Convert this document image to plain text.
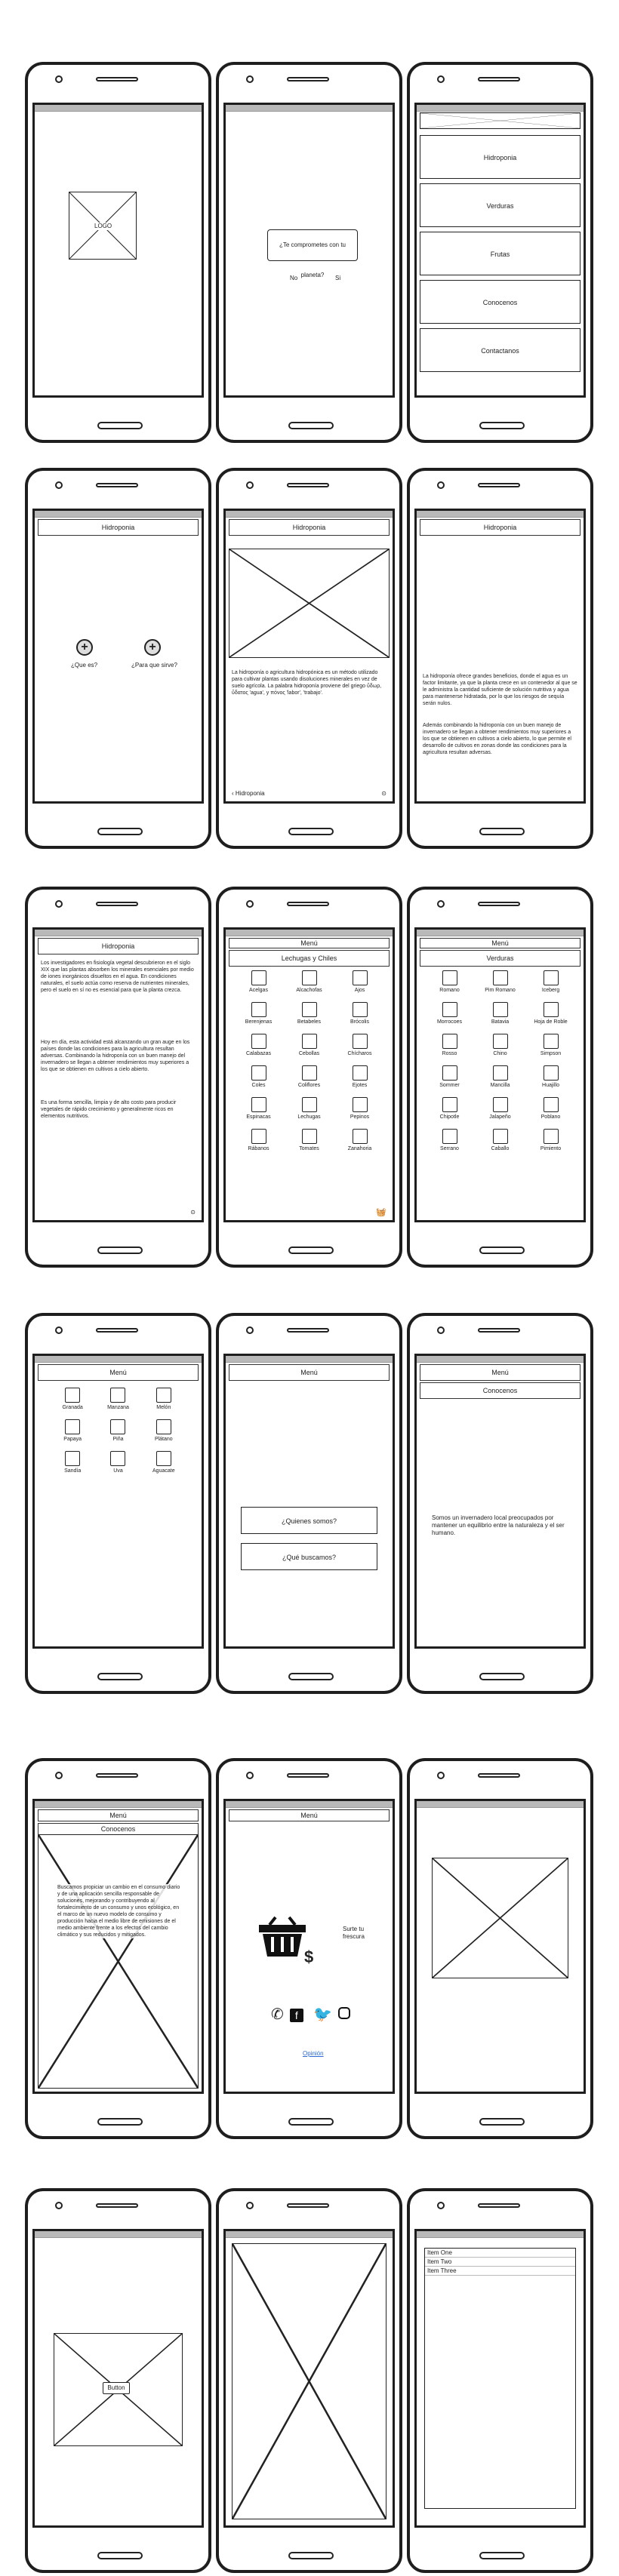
LOGO
¿Te comprometes con tu planeta?
No	Si
Hidroponia
Verduras
Frutas
Conocenos
Contactanos
Hidroponia
+	+
¿Que es?	¿Para que sirve?
Hidroponia
La hidroponía o agricultura hidropónica es un método utilizado para cultivar plantas usando disoluciones minerales en vez de suelo agrícola. La palabra hidroponía proviene del griego ὕδωρ, ὕδατος 'agua', y πόνος 'labor', 'trabajo'.
‹ Hidroponia	⊙
Hidroponia
La hidroponía ofrece grandes beneficios, donde el agua es un factor limitante, ya que la planta crece en un contenedor al que se le administra la cantidad suficiente de solución nutritiva y agua para mantenerse hidratada, por lo que los riesgos de sequía serán nulos.
Además combinando la hidroponía con un buen manejo de invernadero se llegan a obtener rendimientos muy superiores a los que se obtienen en cultivos a cielo abierto, lo que permite el desarrollo de cultivos en zonas donde las condiciones para la agricultura resultan adversas.
Hidroponia
Los investigadores en fisiología vegetal descubrieron en el siglo XIX que las plantas absorben los minerales esenciales por medio de iones inorgánicos disueltos en el agua. En condiciones naturales, el suelo actúa como reserva de nutrientes minerales, pero el suelo en sí no es esencial para que la planta crezca.
Hoy en día, esta actividad está alcanzando un gran auge en los países donde las condiciones para la agricultura resultan adversas. Combinando la hidroponía con un buen manejo del invernadero se llegan a obtener rendimientos muy superiores a los que se obtienen en cultivos a cielo abierto.
Es una forma sencilla, limpia y de alto costo para producir vegetales de rápido crecimiento y generalmente ricos en elementos nutritivos.
⊙
Menú
Lechugas y Chiles
Acelgas	Alcachofas	Ajos
Berenjenas	Betabeles	Brócolis
Calabazas	Cebollas	Chícharos
Coles	Coliflores	Ejotes
Espinacas	Lechugas	Pepinos
Rábanos	Tomates	Zanahoria
🧺
Menú
Verduras
Romano	Pim Romano	Iceberg
Morrocoes	Batavia	Hoja de Roble
Rosso	Chino	Simpson
Sommer	Mancilla	Huajillo
Chipotle	Jalapeño	Poblano
Serrano	Caballo	Pimiento
Menú
Granada	Manzana	Melón
Papaya	Piña	Plátano
Sandía	Uva	Aguacate
Menú
¿Quienes somos?
¿Qué buscamos?
Menú
Conocenos
Somos un invernadero local preocupados por mantener un equilibrio entre la naturaleza y el ser humano.
Menú
Conocenos
Buscamos propiciar un cambio en el consumo diario y de una aplicación sencilla responsable de soluciones, mejorando y contribuyendo al fortalecimiento de un consumo y unos ecológico, en el marco de un nuevo modelo de consumo y producción hacia el medio libre de emisiones de el medio ambiente frente a los efectos del cambio climático y sus reducidos y mitigados.
Menú
$
Surte tu frescura
✆ f 🐦
Opinión
Button
Item One
Item Two
Item Three
